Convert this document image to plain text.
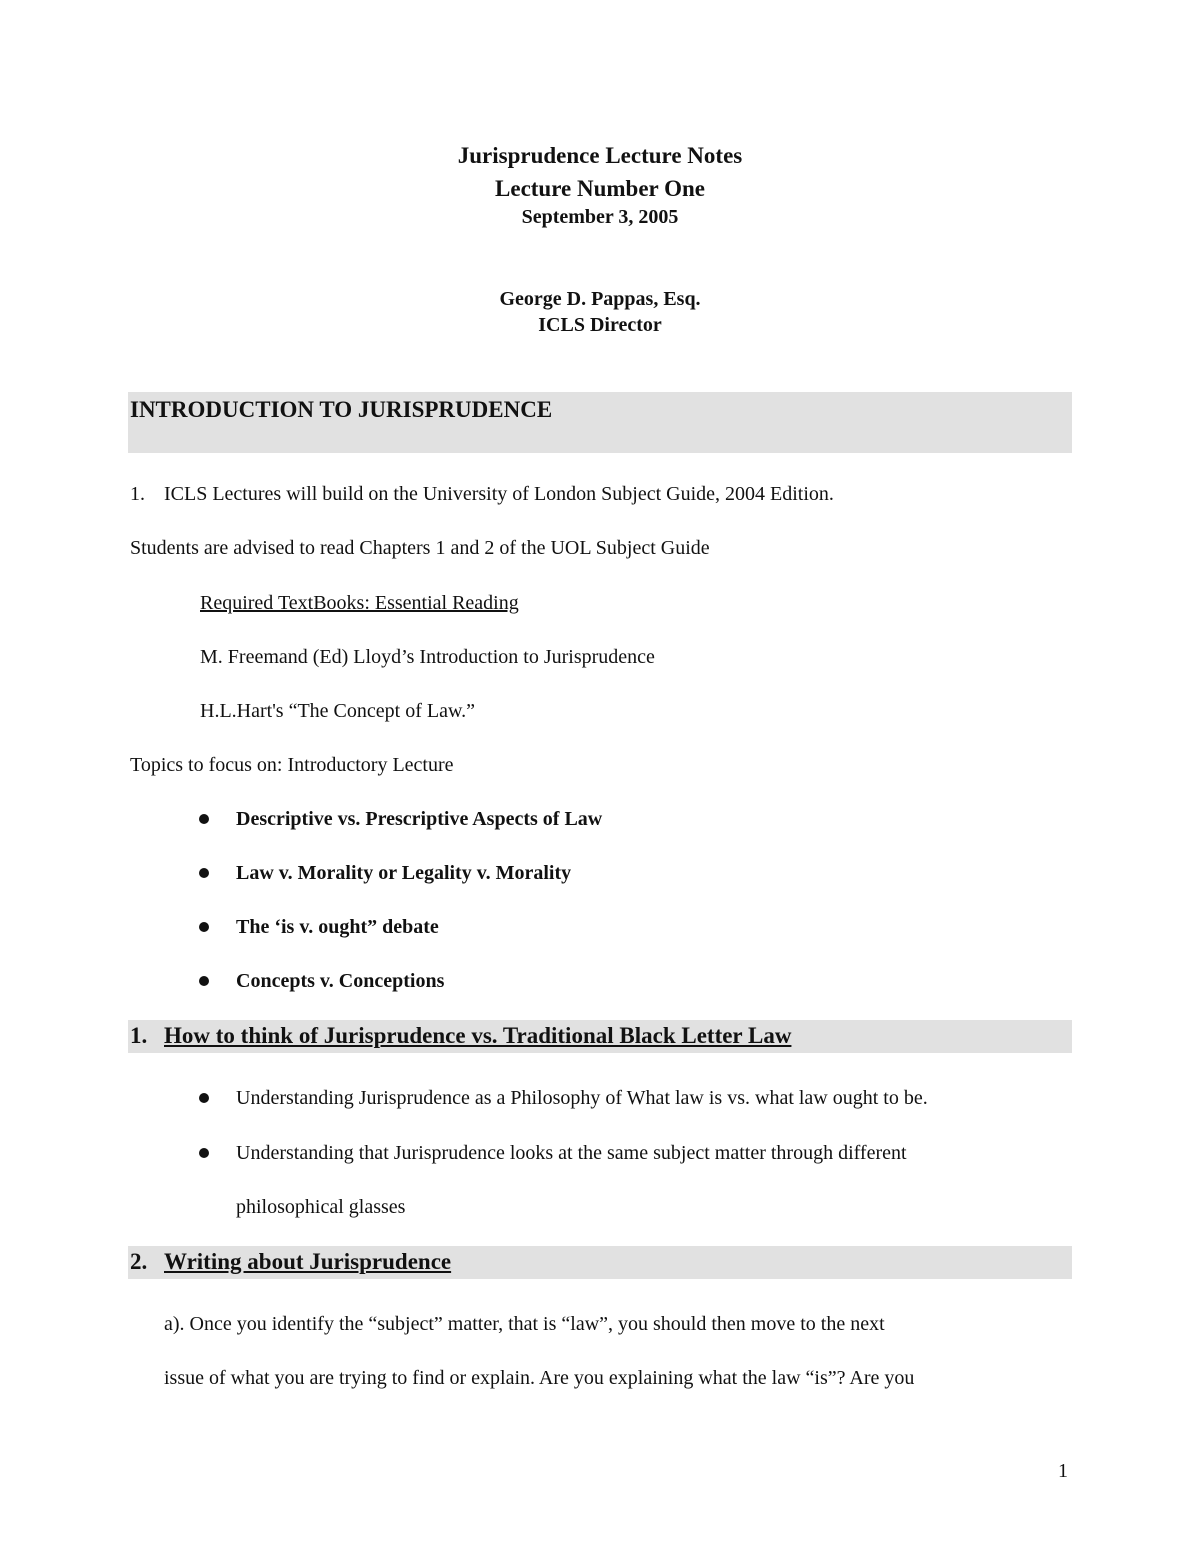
Jurisprudence Lecture Notes
Lecture Number One
September 3, 2005
George D. Pappas, Esq.
ICLS Director
INTRODUCTION TO JURISPRUDENCE
1. ICLS Lectures will build on the University of London Subject Guide, 2004 Edition.
Students are advised to read Chapters 1 and 2 of the UOL Subject Guide
Required TextBooks: Essential Reading
M. Freemand (Ed) Lloyd’s Introduction to Jurisprudence
H.L.Hart's “The Concept of Law.”
Topics to focus on: Introductory Lecture
Descriptive vs. Prescriptive Aspects of Law
Law v. Morality or Legality v. Morality
The ‘is v. ought” debate
Concepts v. Conceptions
1. How to think of Jurisprudence vs. Traditional Black Letter Law
Understanding Jurisprudence as a Philosophy of What law is vs. what law ought to be.
Understanding that Jurisprudence looks at the same subject matter through different
philosophical glasses
2. Writing about Jurisprudence
a). Once you identify the “subject” matter, that is “law”, you should then move to the next
issue of what you are trying to find or explain. Are you explaining what the law “is”? Are you
1
